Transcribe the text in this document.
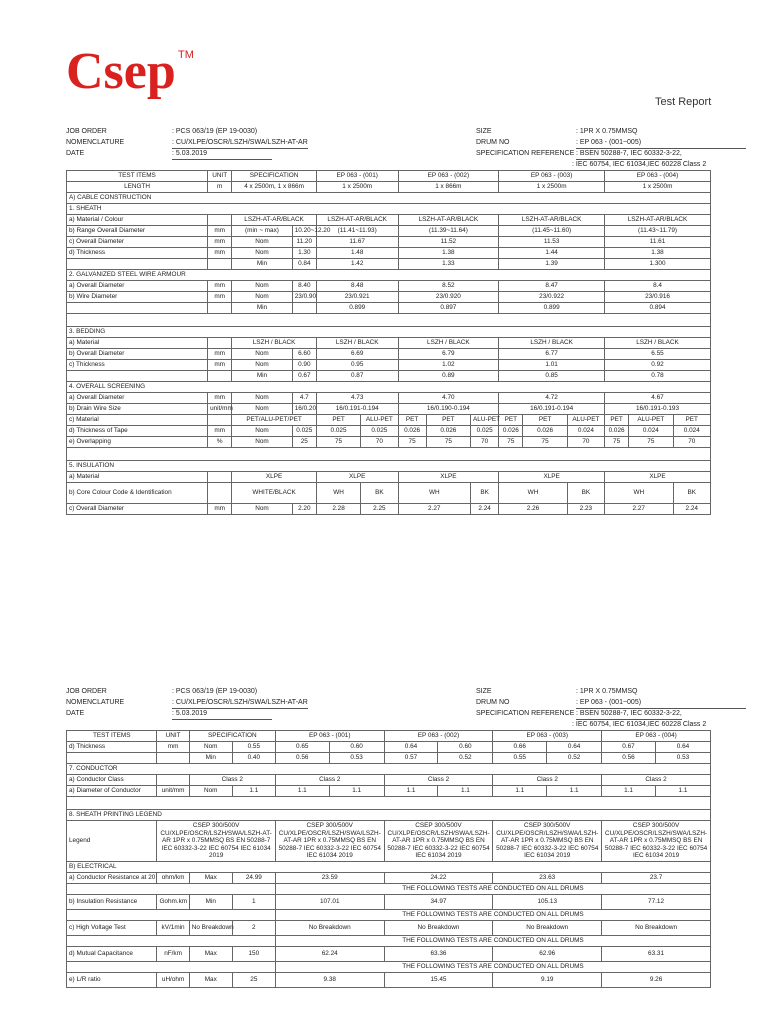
Csep TM
Test Report
JOB ORDER	: PCS 063/19 (EP 19-0030)	SIZE	: 1PR X 0.75MMSQ
NOMENCLATURE	: CU/XLPE/OSCR/LSZH/SWA/LSZH-AT-AR	DRUM NO	: EP 063 - (001~005)
DATE	: 5.03.2019	SPECIFICATION REFERENCE : BSEN 50288-7, IEC 60332-3-22,
: IEC 60754, IEC 61034,IEC 60228 Class 2
TEST ITEMS	UNIT	SPECIFICATION		EP 063 - (001)		EP 063 - (002)			EP 063 - (003)			EP 063 - (004)		
LENGTH	m	4 x 2500m, 1 x 866m		1 x 2500m		1 x 866m			1 x 2500m			1 x 2500m		
A) CABLE CONSTRUCTION														
1. SHEATH														
a) Material / Colour		LSZH-AT-AR/BLACK		LSZH-AT-AR/BLACK		LSZH-AT-AR/BLACK			LSZH-AT-AR/BLACK			LSZH-AT-AR/BLACK		
b) Range Overall Diameter	mm	(min ~ max)	10.20~12.20	(11.41~11.93)		(11.39~11.64)			(11.45~11.60)			(11.43~11.79)		
c) Overall Diameter	mm	Nom	11.20	11.67		11.52			11.53			11.61		
d) Thickness	mm	Nom	1.30	1.48		1.38			1.44			1.38		
		Min	0.84	1.42		1.33			1.39			1.300		
2. GALVANIZED STEEL WIRE ARMOUR														
a) Overall Diameter	mm	Nom	8.40	8.48		8.52			8.47			8.4		
b) Wire Diameter	mm	Nom	23/0.90	23/0.921		23/0.920			23/0.922			23/0.916		
		Min		0.899		0.897			0.899			0.894		

3. BEDDING														
a) Material		LSZH / BLACK		LSZH / BLACK		LSZH / BLACK			LSZH / BLACK			LSZH / BLACK		
b) Overall Diameter	mm	Nom	6.60	6.69		6.79			6.77			6.55		
c) Thickness	mm	Nom	0.90	0.95		1.02			1.01			0.92		
		Min	0.67	0.87		0.89			0.85			0.78		
4. OVERALL SCREENING														
a) Overall Diameter	mm	Nom	4.7	4.73		4.70			4.72			4.67		
b) Drain Wire Size	unit/mm	Nom	16/0.20	16/0.191-0.194		16/0.190-0.194			16/0.191-0.194			16/0.191-0.193		
c) Material		PET/ALU-PET/PET		PET	ALU-PET	PET	PET	ALU-PET	PET	PET	ALU-PET	PET	ALU-PET	PET
d) Thickness of Tape	mm	Nom	0.025	0.025	0.025	0.026	0.026	0.025	0.026	0.026	0.024	0.026	0.024	0.024
e) Overlapping	%	Nom	25	75	70	75	75	70	75	75	70	75	75	70

5. INSULATION														
a) Material		XLPE		XLPE		XLPE			XLPE			XLPE		
b) Core Colour Code & Identification		WHITE/BLACK		WH	BK	WH		BK	WH		BK	WH		BK
c) Overall Diameter	mm	Nom	2.20	2.28	2.25	2.27		2.24	2.26		2.23	2.27		2.24
JOB ORDER	: PCS 063/19 (EP 19-0030)	SIZE	: 1PR X 0.75MMSQ
NOMENCLATURE	: CU/XLPE/OSCR/LSZH/SWA/LSZH-AT-AR	DRUM NO	: EP 063 - (001~005)
DATE	: 5.03.2019	SPECIFICATION REFERENCE : BSEN 50288-7, IEC 60332-3-22,
: IEC 60754, IEC 61034,IEC 60228 Class 2
TEST ITEMS	UNIT	SPECIFICATION		EP 063 - (001)		EP 063 - (002)		EP 063 - (003)		EP 063 - (004)	
d) Thickness	mm	Nom	0.55	0.65	0.60	0.64	0.60	0.66	0.64	0.67	0.64
		Min	0.40	0.56	0.53	0.57	0.52	0.55	0.52	0.56	0.53
7. CONDUCTOR											
a) Conductor Class		Class 2		Class 2		Class 2		Class 2		Class 2	
a) Diameter of Conductor	unit/mm	Nom	1.1	1.1	1.1	1.1	1.1	1.1	1.1	1.1	1.1

8. SHEATH PRINTING LEGEND											
Legend	CSEP 300/500V CU/XLPE/OSCR/LSZH/SWA/LSZH-AT-AR 1PR x 0.75MMSQ BS EN 50288-7 IEC 60332-3-22 IEC 60754 IEC 61034 2019			CSEP 300/500V CU/XLPE/OSCR/LSZH/SWA/LSZH-AT-AR 1PR x 0.75MMSQ BS EN 50288-7 IEC 60332-3-22 IEC 60754 IEC 61034 2019		CSEP 300/500V CU/XLPE/OSCR/LSZH/SWA/LSZH-AT-AR 1PR x 0.75MMSQ BS EN 50288-7 IEC 60332-3-22 IEC 60754 IEC 61034 2019		CSEP 300/500V CU/XLPE/OSCR/LSZH/SWA/LSZH-AT-AR 1PR x 0.75MMSQ BS EN 50288-7 IEC 60332-3-22 IEC 60754 IEC 61034 2019		CSEP 300/500V CU/XLPE/OSCR/LSZH/SWA/LSZH-AT-AR 1PR x 0.75MMSQ BS EN 50288-7 IEC 60332-3-22 IEC 60754 IEC 61034 2019	
B) ELECTRICAL											
a) Conductor Resistance at 20	ohm/km	Max	24.99	23.59		24.22		23.63		23.7	
				THE FOLLOWING TESTS ARE CONDUCTED ON ALL DRUMS							
b) Insulation Resistance	Gohm.km	Min	1	107.01		34.97		105.13		77.12	
				THE FOLLOWING TESTS ARE CONDUCTED ON ALL DRUMS							
c) High Voltage Test	kV/1min	No Breakdown	2	No Breakdown		No Breakdown		No Breakdown		No Breakdown	
				THE FOLLOWING TESTS ARE CONDUCTED ON ALL DRUMS							
d) Mutual Capacitance	nF/km	Max	150	62.24		63.36		62.96		63.31	
				THE FOLLOWING TESTS ARE CONDUCTED ON ALL DRUMS							
e) L/R ratio	uH/ohm	Max	25	9.38		15.45		9.19		9.26	
